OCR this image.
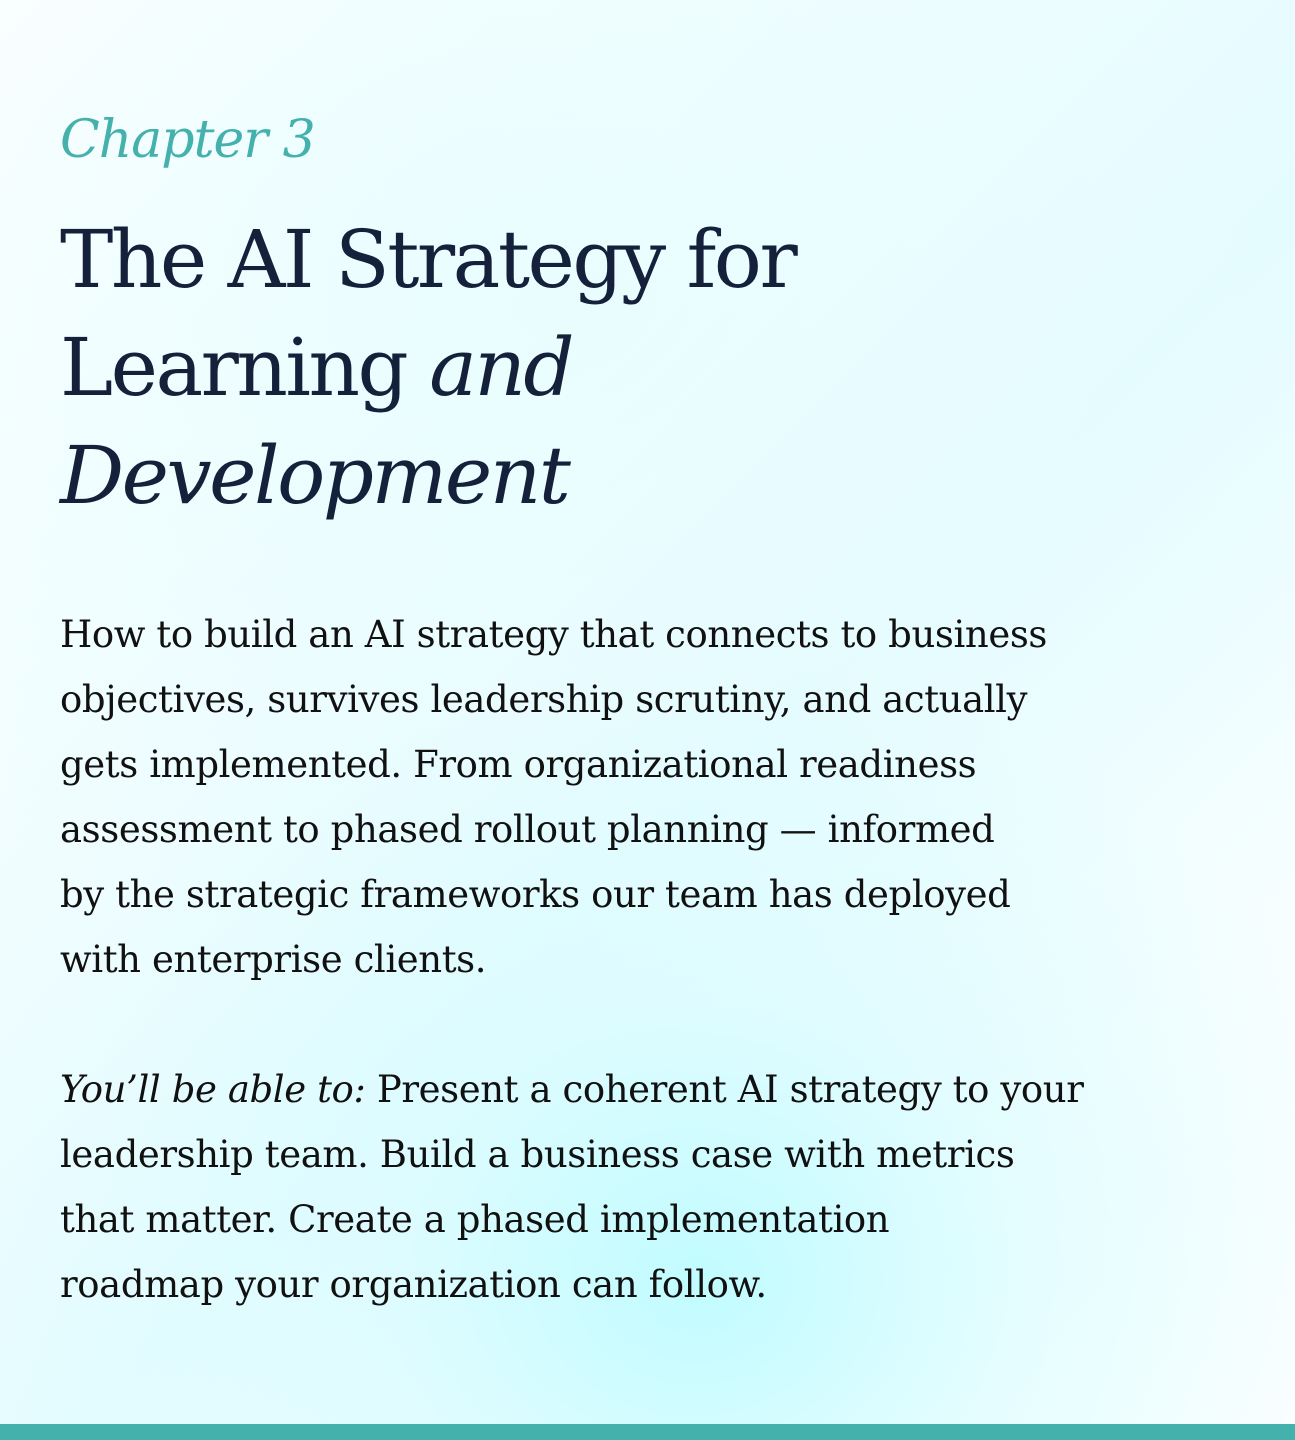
Chapter 3

The AI Strategy for
Learning and
Development

How to build an AI strategy that connects to business
objectives, survives leadership scrutiny, and actually
gets implemented. From organizational readiness
assessment to phased rollout planning — informed
by the strategic frameworks our team has deployed
with enterprise clients.

You’ll be able to: Present a coherent AI strategy to your
leadership team. Build a business case with metrics
that matter. Create a phased implementation
roadmap your organization can follow.
